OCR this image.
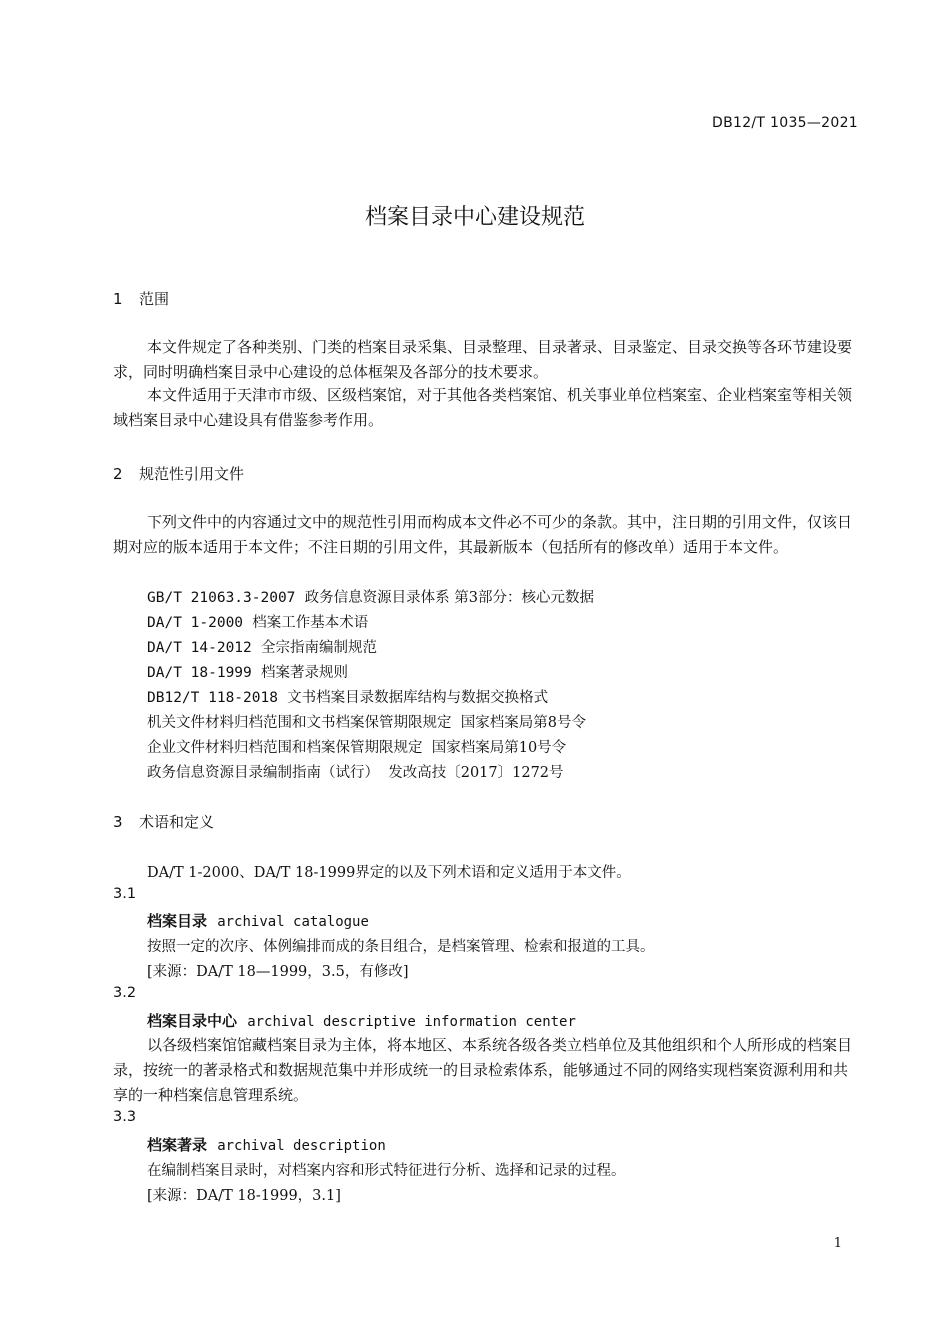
DB12/T 1035—2021
档案目录中心建设规范
1 范围
本文件规定了各种类别、门类的档案目录采集、目录整理、目录著录、目录鉴定、目录交换等各环节建设要求，同时明确档案目录中心建设的总体框架及各部分的技术要求。
本文件适用于天津市市级、区级档案馆，对于其他各类档案馆、机关事业单位档案室、企业档案室等相关领域档案目录中心建设具有借鉴参考作用。
2 规范性引用文件
下列文件中的内容通过文中的规范性引用而构成本文件必不可少的条款。其中，注日期的引用文件，仅该日期对应的版本适用于本文件；不注日期的引用文件，其最新版本（包括所有的修改单）适用于本文件。
GB/T 21063.3-2007 政务信息资源目录体系 第3部分：核心元数据
DA/T 1-2000 档案工作基本术语
DA/T 14-2012 全宗指南编制规范
DA/T 18-1999 档案著录规则
DB12/T 118-2018 文书档案目录数据库结构与数据交换格式
机关文件材料归档范围和文书档案保管期限规定 国家档案局第8号令
企业文件材料归档范围和档案保管期限规定 国家档案局第10号令
政务信息资源目录编制指南（试行） 发改高技〔2017〕1272号
3 术语和定义
DA/T 1-2000、DA/T 18-1999界定的以及下列术语和定义适用于本文件。
3.1
档案目录 archival catalogue
按照一定的次序、体例编排而成的条目组合，是档案管理、检索和报道的工具。
[来源：DA/T 18—1999，3.5，有修改]
3.2
档案目录中心 archival descriptive information center
以各级档案馆馆藏档案目录为主体，将本地区、本系统各级各类立档单位及其他组织和个人所形成的档案目录，按统一的著录格式和数据规范集中并形成统一的目录检索体系，能够通过不同的网络实现档案资源利用和共享的一种档案信息管理系统。
3.3
档案著录 archival description
在编制档案目录时，对档案内容和形式特征进行分析、选择和记录的过程。
[来源：DA/T 18-1999，3.1]
1
